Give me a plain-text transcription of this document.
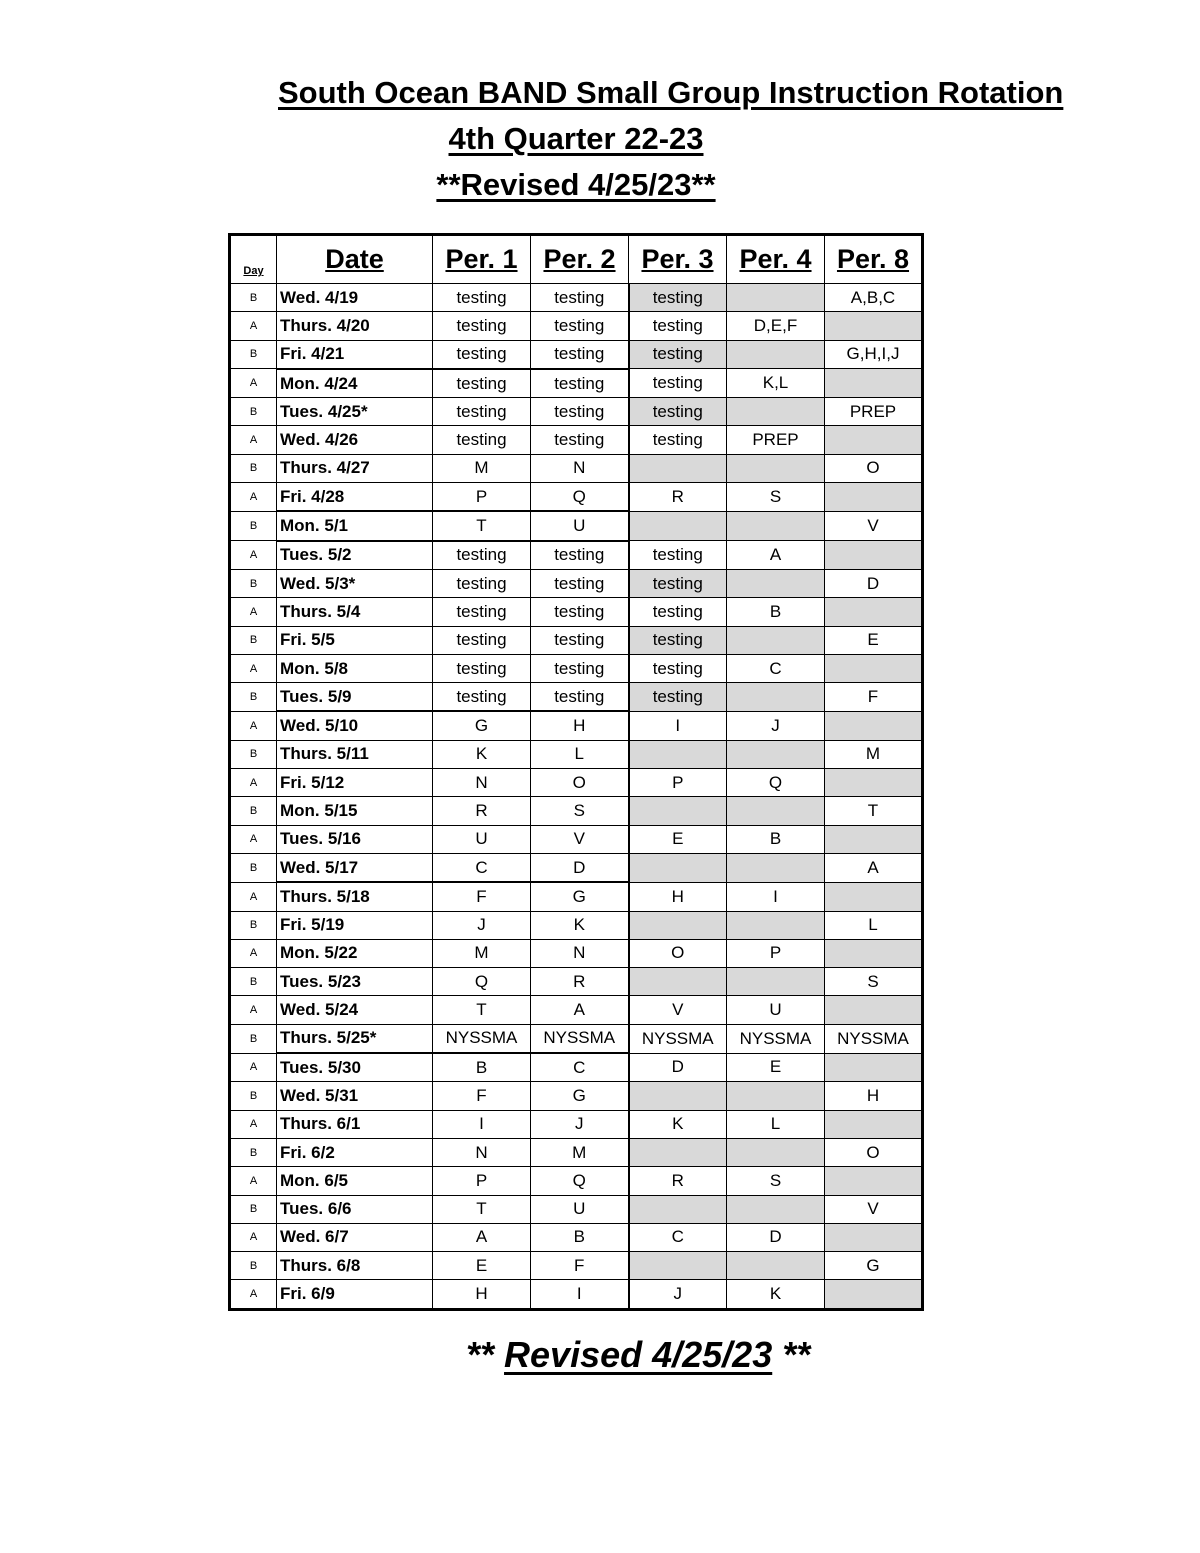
South Ocean BAND Small Group Instruction Rotation
4th Quarter 22-23
**Revised 4/25/23**
Day	Date	Per. 1	Per. 2	Per. 3	Per. 4	Per. 8
B	Wed. 4/19	testing	testing	testing		A,B,C
A	Thurs. 4/20	testing	testing	testing	D,E,F	
B	Fri. 4/21	testing	testing	testing		G,H,I,J
A	Mon. 4/24	testing	testing	testing	K,L	
B	Tues. 4/25*	testing	testing	testing		PREP
A	Wed. 4/26	testing	testing	testing	PREP	
B	Thurs. 4/27	M	N			O
A	Fri. 4/28	P	Q	R	S	
B	Mon. 5/1	T	U			V
A	Tues. 5/2	testing	testing	testing	A	
B	Wed. 5/3*	testing	testing	testing		D
A	Thurs. 5/4	testing	testing	testing	B	
B	Fri. 5/5	testing	testing	testing		E
A	Mon. 5/8	testing	testing	testing	C	
B	Tues. 5/9	testing	testing	testing		F
A	Wed. 5/10	G	H	I	J	
B	Thurs. 5/11	K	L			M
A	Fri. 5/12	N	O	P	Q	
B	Mon. 5/15	R	S			T
A	Tues. 5/16	U	V	E	B	
B	Wed. 5/17	C	D			A
A	Thurs. 5/18	F	G	H	I	
B	Fri. 5/19	J	K			L
A	Mon. 5/22	M	N	O	P	
B	Tues. 5/23	Q	R			S
A	Wed. 5/24	T	A	V	U	
B	Thurs. 5/25*	NYSSMA	NYSSMA	NYSSMA	NYSSMA	NYSSMA
A	Tues. 5/30	B	C	D	E	
B	Wed. 5/31	F	G			H
A	Thurs. 6/1	I	J	K	L	
B	Fri. 6/2	N	M			O
A	Mon. 6/5	P	Q	R	S	
B	Tues. 6/6	T	U			V
A	Wed. 6/7	A	B	C	D	
B	Thurs. 6/8	E	F			G
A	Fri. 6/9	H	I	J	K	
** Revised 4/25/23 **
